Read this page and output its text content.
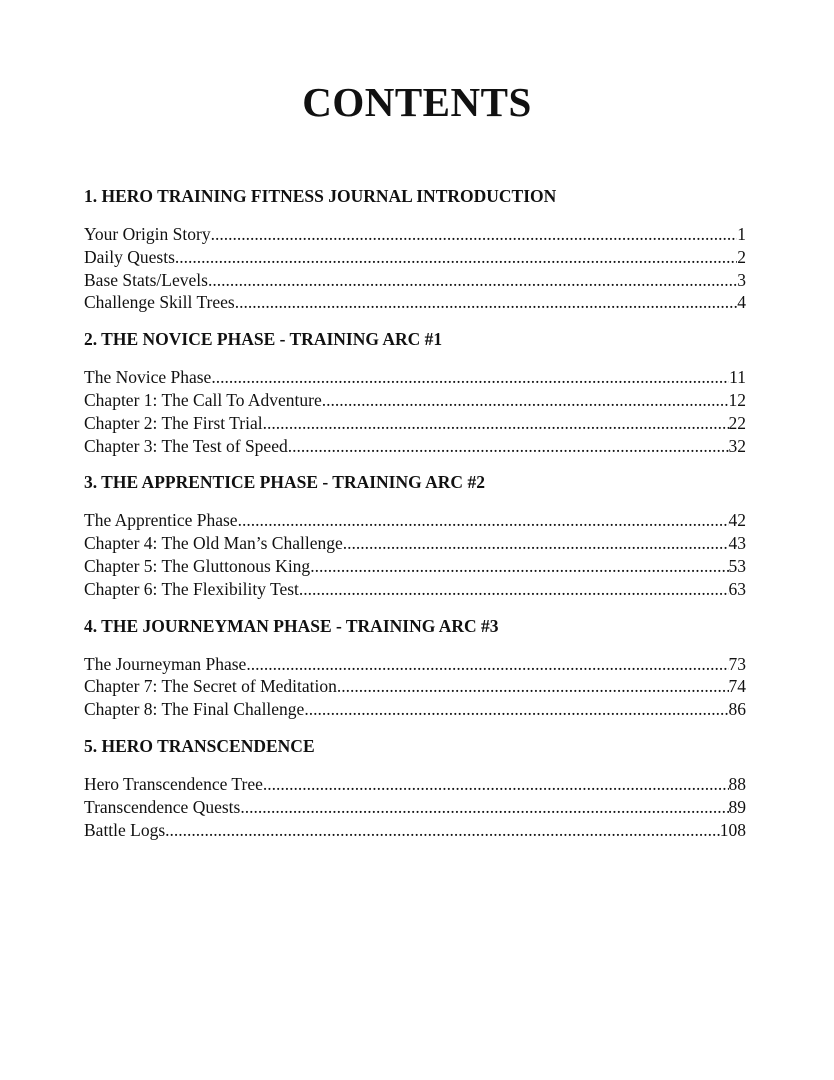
CONTENTS
1. HERO TRAINING FITNESS JOURNAL INTRODUCTION
Your Origin Story .....	1
Daily Quests .....	2
Base Stats/Levels .....	3
Challenge Skill Trees .....	4
2. THE NOVICE PHASE - TRAINING ARC #1
The Novice Phase .....	11
Chapter 1: The Call To Adventure .....	12
Chapter 2: The First Trial .....	22
Chapter 3: The Test of Speed .....	32
3. THE APPRENTICE PHASE - TRAINING ARC #2
The Apprentice Phase .....	42
Chapter 4: The Old Man’s Challenge .....	43
Chapter 5: The Gluttonous King .....	53
Chapter 6: The Flexibility Test .....	63
4. THE JOURNEYMAN PHASE - TRAINING ARC #3
The Journeyman Phase .....	73
Chapter 7: The Secret of Meditation .....	74
Chapter 8: The Final Challenge .....	86
5. HERO TRANSCENDENCE
Hero Transcendence Tree .....	88
Transcendence Quests .....	89
Battle Logs .....	108
